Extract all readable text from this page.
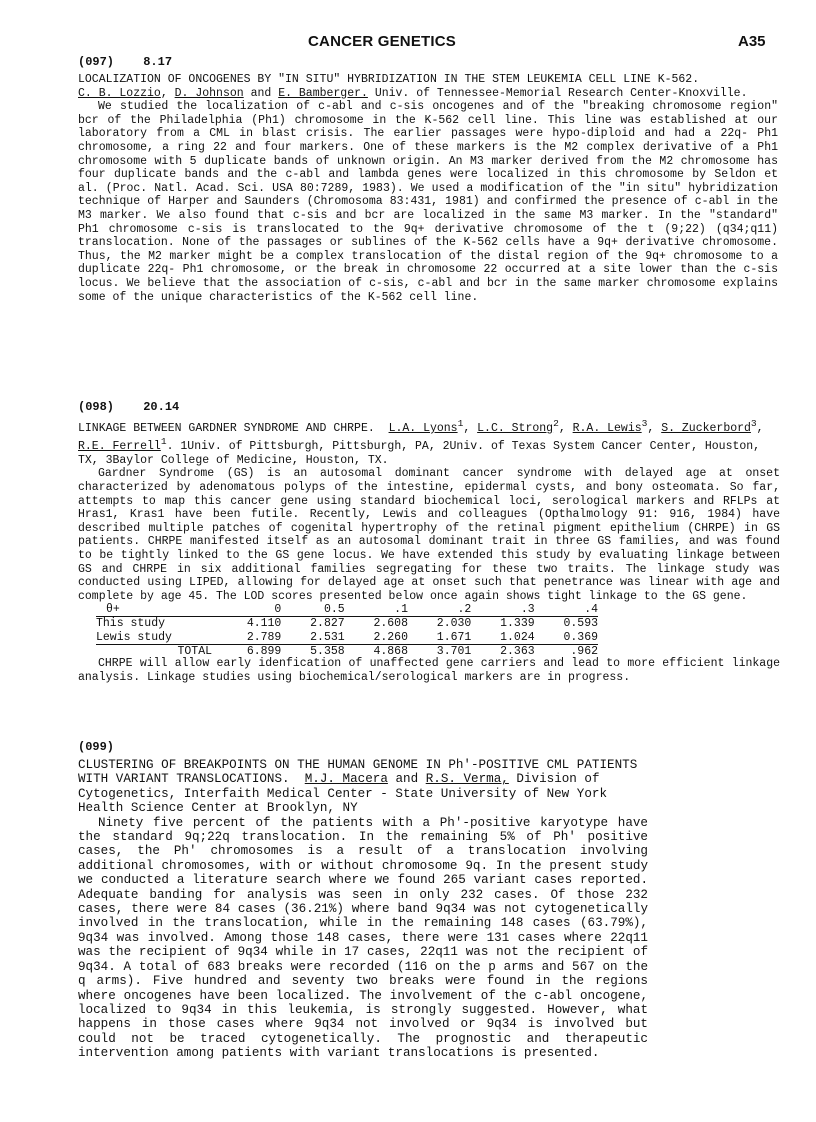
CANCER GENETICS	A35
(097) 8.17

LOCALIZATION OF ONCOGENES BY "IN SITU" HYBRIDIZATION IN THE STEM LEUKEMIA CELL LINE K-562.
C. B. Lozzio, D. Johnson and E. Bamberger. Univ. of Tennessee-Memorial Research Center-Knoxville.

We studied the localization of c-abl and c-sis oncogenes and of the "breaking chromosome region" bcr of the Philadelphia (Ph1) chromosome in the K-562 cell line. This line was established at our laboratory from a CML in blast crisis. The earlier passages were hypo-diploid and had a 22q- Ph1 chromosome, a ring 22 and four markers. One of these markers is the M2 complex derivative of a Ph1 chromosome with 5 duplicate bands of unknown origin. An M3 marker derived from the M2 chromosome has four duplicate bands and the c-abl and lambda genes were localized in this chromosome by Seldon et al. (Proc. Natl. Acad. Sci. USA 80:7289, 1983). We used a modification of the "in situ" hybridization technique of Harper and Saunders (Chromosoma 83:431, 1981) and confirmed the presence of c-abl in the M3 marker. We also found that c-sis and bcr are localized in the same M3 marker. In the "standard" Ph1 chromosome c-sis is translocated to the 9q+ derivative chromosome of the t (9;22) (q34;q11) translocation. None of the passages or sublines of the K-562 cells have a 9q+ derivative chromosome. Thus, the M2 marker might be a complex translocation of the distal region of the 9q+ chromosome to a duplicate 22q- Ph1 chromosome, or the break in chromosome 22 occurred at a site lower than the c-sis locus. We believe that the association of c-sis, c-abl and bcr in the same marker chromosome explains some of the unique characteristics of the K-562 cell line.

(098) 20.14

LINKAGE BETWEEN GARDNER SYNDROME AND CHRPE. L.A. Lyons$^1$, L.C. Strong$^2$, R.A. Lewis$^3$, S. Zuckerbord$^3$, R.E. Ferrell$^1$. 1Univ. of Pittsburgh, Pittsburgh, PA, 2Univ. of Texas System Cancer Center, Houston, TX, 3Baylor College of Medicine, Houston, TX.

Gardner Syndrome (GS) is an autosomal dominant cancer syndrome with delayed age at onset characterized by adenomatous polyps of the intestine, epidermal cysts, and bony osteomata. So far, attempts to map this cancer gene using standard biochemical loci, serological markers and RFLPs at Hras1, Kras1 have been futile. Recently, Lewis and colleagues (Opthalmology 91: 916, 1984) have described multiple patches of cogenital hypertrophy of the retinal pigment epithelium (CHRPE) in GS patients. CHRPE manifested itself as an autosomal dominant trait in three GS families, and was found to be tightly linked to the GS gene locus. We have extended this study by evaluating linkage between GS and CHRPE in six additional families segregating for these two traits. The linkage study was conducted using LIPED, allowing for delayed age at onset such that penetrance was linear with age and complete by age 45. The LOD scores presented below once again shows tight linkage to the GS gene.

θ+	0	0.5	.1	.2	.3	.4
This study	4.110	2.827	2.608	2.030	1.339	0.593
Lewis study	2.789	2.531	2.260	1.671	1.024	0.369
TOTAL	6.899	5.358	4.868	3.701	2.363	.962

CHRPE will allow early idenfication of unaffected gene carriers and lead to more efficient linkage analysis. Linkage studies using biochemical/serological markers are in progress.

(099)

CLUSTERING OF BREAKPOINTS ON THE HUMAN GENOME IN Ph'-POSITIVE CML PATIENTS WITH VARIANT TRANSLOCATIONS. M.J. Macera and R.S. Verma, Division of Cytogenetics, Interfaith Medical Center - State University of New York Health Science Center at Brooklyn, NY

Ninety five percent of the patients with a Ph'-positive karyotype have the standard 9q;22q translocation. In the remaining 5% of Ph' positive cases, the Ph' chromosomes is a result of a translocation involving additional chromosomes, with or without chromosome 9q. In the present study we conducted a literature search where we found 265 variant cases reported. Adequate banding for analysis was seen in only 232 cases. Of those 232 cases, there were 84 cases (36.21%) where band 9q34 was not cytogenetically involved in the translocation, while in the remaining 148 cases (63.79%), 9q34 was involved. Among those 148 cases, there were 131 cases where 22q11 was the recipient of 9q34 while in 17 cases, 22q11 was not the recipient of 9q34. A total of 683 breaks were recorded (116 on the p arms and 567 on the q arms). Five hundred and seventy two breaks were found in the regions where oncogenes have been localized. The involvement of the c-abl oncogene, localized to 9q34 in this leukemia, is strongly suggested. However, what happens in those cases where 9q34 not involved or 9q34 is involved but could not be traced cytogenetically. The prognostic and therapeutic intervention among patients with variant translocations is presented.
